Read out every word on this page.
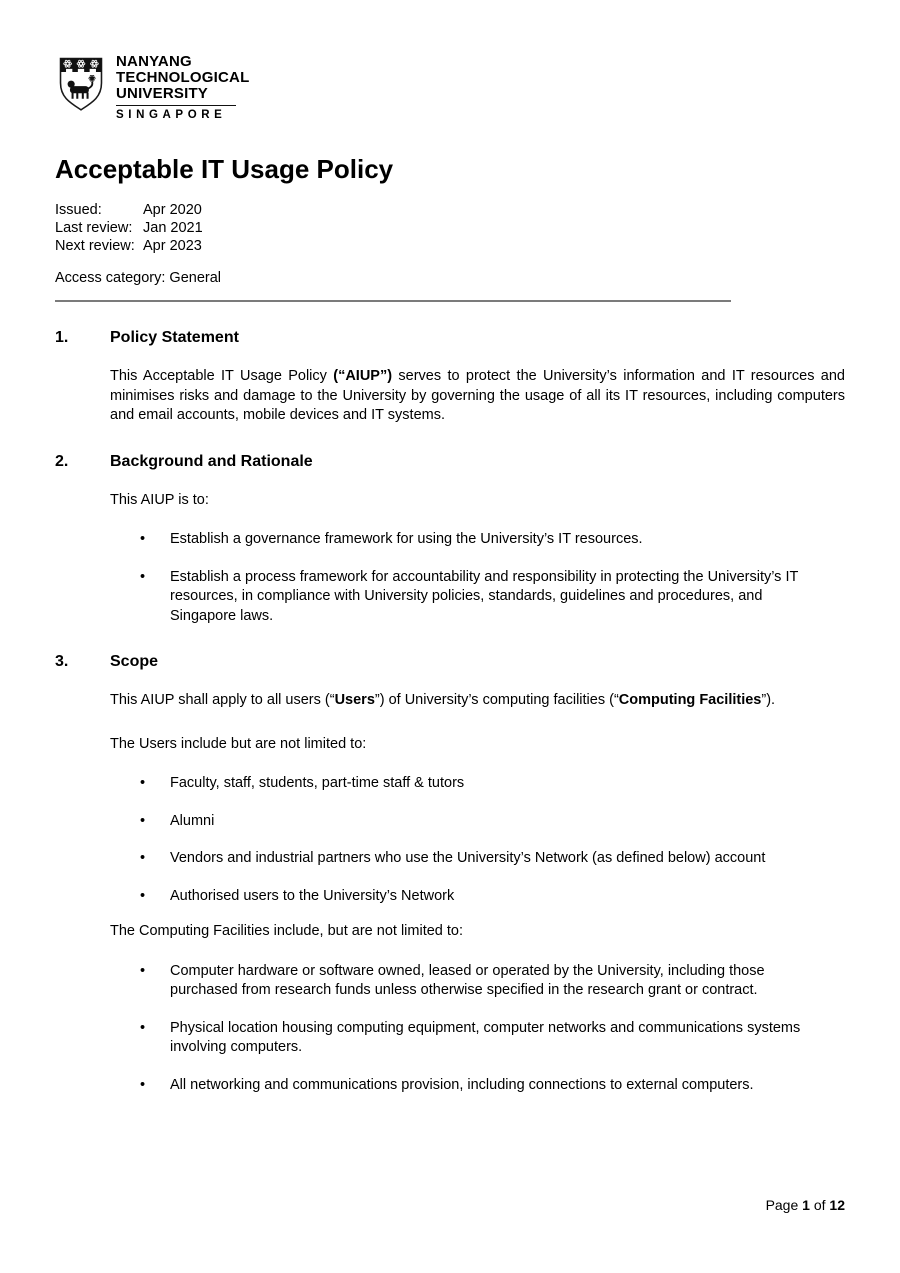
NANYANG
TECHNOLOGICAL
UNIVERSITY
SINGAPORE
Acceptable IT Usage Policy
Issued:	Apr 2020
Last review: Jan 2021
Next review: Apr 2023
Access category: General
1.	Policy Statement

This Acceptable IT Usage Policy (“AIUP”) serves to protect the University’s information and IT resources and minimises risks and damage to the University by governing the usage of all its IT resources, including computers and email accounts, mobile devices and IT systems.

2.	Background and Rationale
This AIUP is to:
• Establish a governance framework for using the University’s IT resources.
• Establish a process framework for accountability and responsibility in protecting the University’s IT resources, in compliance with University policies, standards, guidelines and procedures, and Singapore laws.
3.	Scope

This AIUP shall apply to all users (“Users”) of University’s computing facilities (“Computing Facilities”).

The Users include but are not limited to:
• Faculty, staff, students, part-time staff & tutors
• Alumni
• Vendors and industrial partners who use the University’s Network (as defined below) account
• Authorised users to the University’s Network
The Computing Facilities include, but are not limited to:
• Computer hardware or software owned, leased or operated by the University, including those purchased from research funds unless otherwise specified in the research grant or contract.
• Physical location housing computing equipment, computer networks and communications systems involving computers.
• All networking and communications provision, including connections to external computers.
Page 1 of 12
